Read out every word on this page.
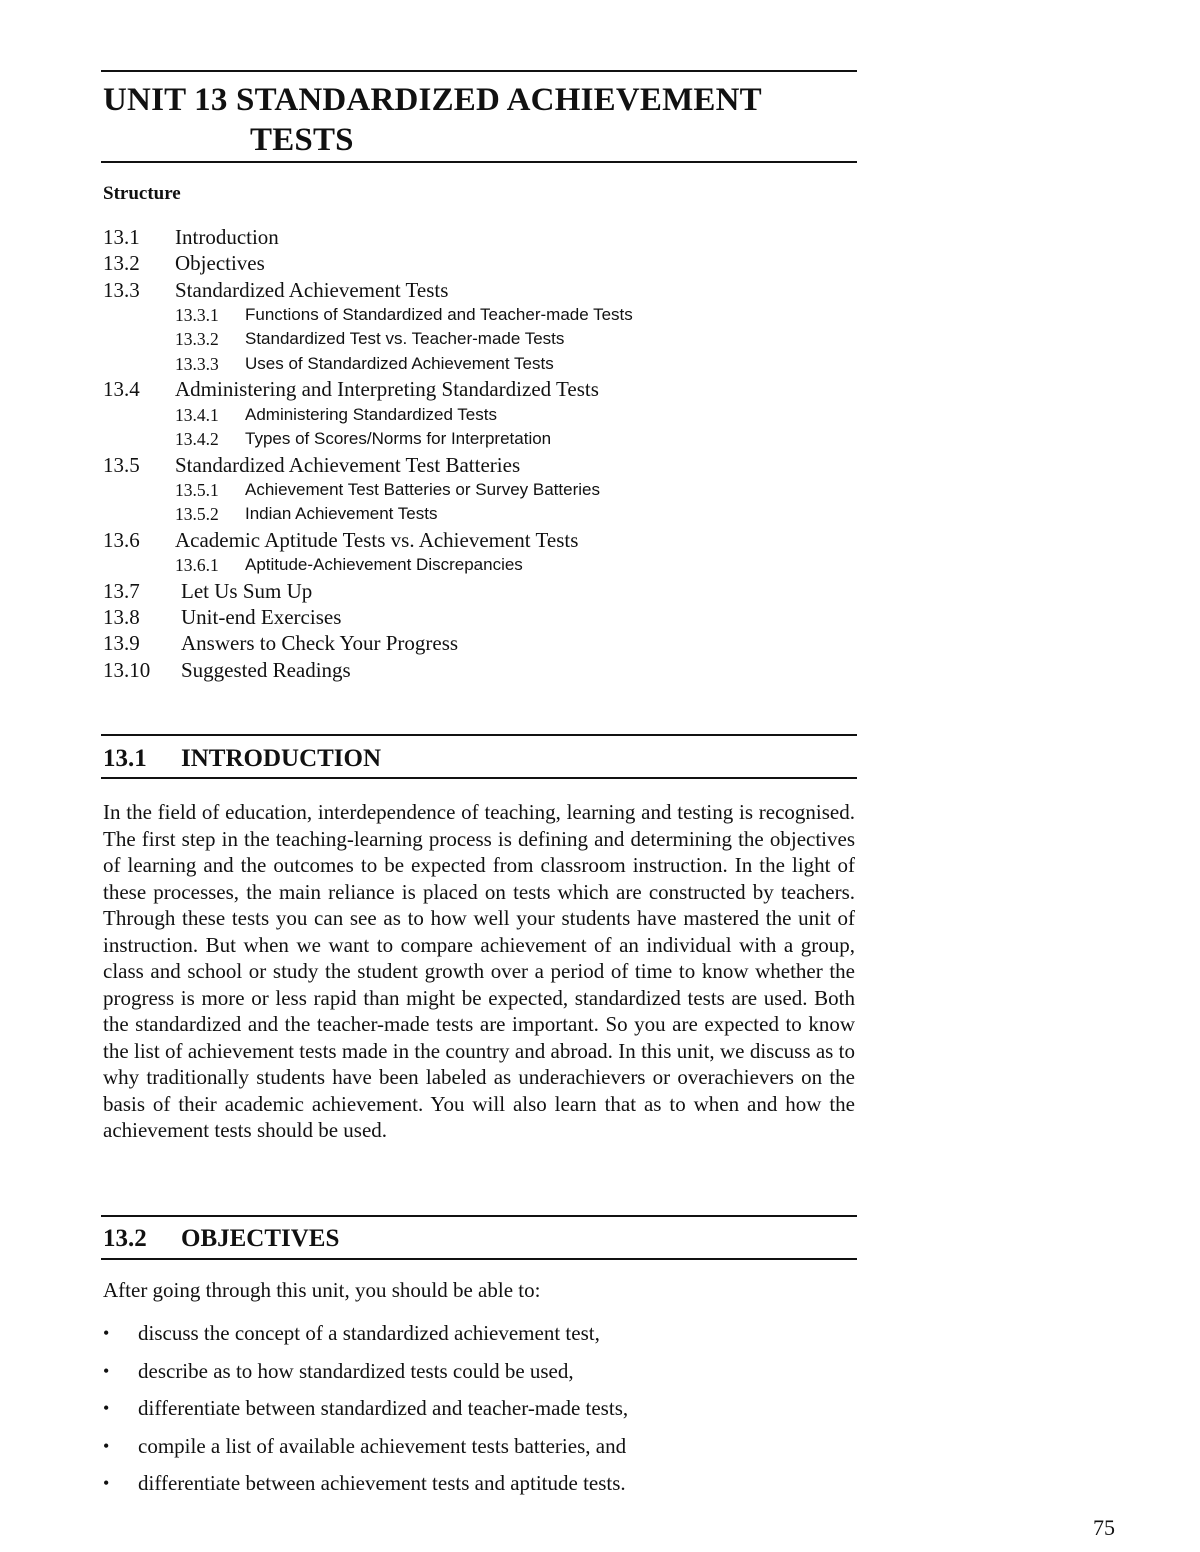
UNIT 13 STANDARDIZED ACHIEVEMENT
TESTS
Structure
13.1 Introduction
13.2 Objectives
13.3 Standardized Achievement Tests
13.3.1 Functions of Standardized and Teacher-made Tests
13.3.2 Standardized Test vs. Teacher-made Tests
13.3.3 Uses of Standardized Achievement Tests
13.4 Administering and Interpreting Standardized Tests
13.4.1 Administering Standardized Tests
13.4.2 Types of Scores/Norms for Interpretation
13.5 Standardized Achievement Test Batteries
13.5.1 Achievement Test Batteries or Survey Batteries
13.5.2 Indian Achievement Tests
13.6 Academic Aptitude Tests vs. Achievement Tests
13.6.1 Aptitude-Achievement Discrepancies
13.7 Let Us Sum Up
13.8 Unit-end Exercises
13.9 Answers to Check Your Progress
13.10 Suggested Readings
13.1 INTRODUCTION

In the field of education, interdependence of teaching, learning and testing is recognised. The first step in the teaching-learning process is defining and determining the objectives of learning and the outcomes to be expected from classroom instruction. In the light of these processes, the main reliance is placed on tests which are constructed by teachers. Through these tests you can see as to how well your students have mastered the unit of instruction. But when we want to compare achievement of an individual with a group, class and school or study the student growth over a period of time to know whether the progress is more or less rapid than might be expected, standardized tests are used. Both the standardized and the teacher-made tests are important. So you are expected to know the list of achievement tests made in the country and abroad. In this unit, we discuss as to why traditionally students have been labeled as underachievers or overachievers on the basis of their academic achievement. You will also learn that as to when and how the achievement tests should be used.

13.2 OBJECTIVES

After going through this unit, you should be able to:

•	discuss the concept of a standardized achievement test,
•	describe as to how standardized tests could be used,
•	differentiate between standardized and teacher-made tests,
•	compile a list of available achievement tests batteries, and
•	differentiate between achievement tests and aptitude tests.
75
